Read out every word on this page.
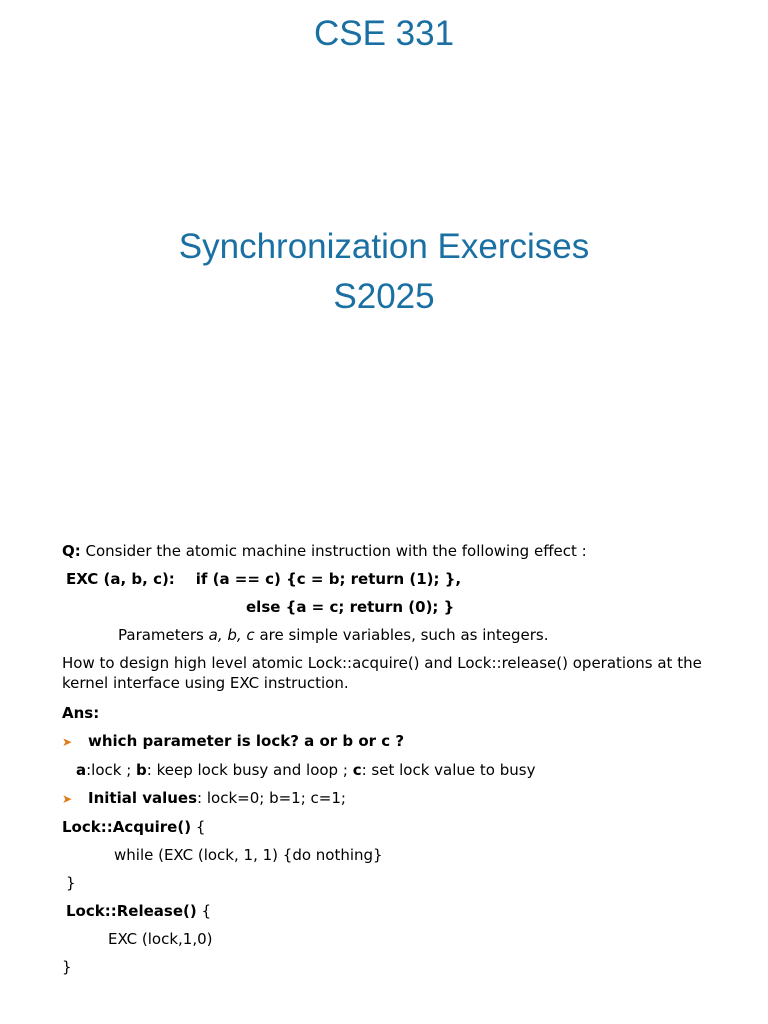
CSE 331
Synchronization Exercises
S2025
Q: Consider the atomic machine instruction with the following effect :
EXC (a, b, c): if (a == c) {c = b; return (1); },
else {a = c; return (0); }
Parameters a, b, c are simple variables, such as integers.
How to design high level atomic Lock::acquire() and Lock::release() operations at the kernel interface using EXC instruction.
Ans:
➤ which parameter is lock? a or b or c ?
a:lock ; b: keep lock busy and loop ; c: set lock value to busy
➤ Initial values: lock=0; b=1; c=1;
Lock::Acquire() {
while (EXC (lock, 1, 1) {do nothing}
}
Lock::Release() {
EXC (lock,1,0)
}
